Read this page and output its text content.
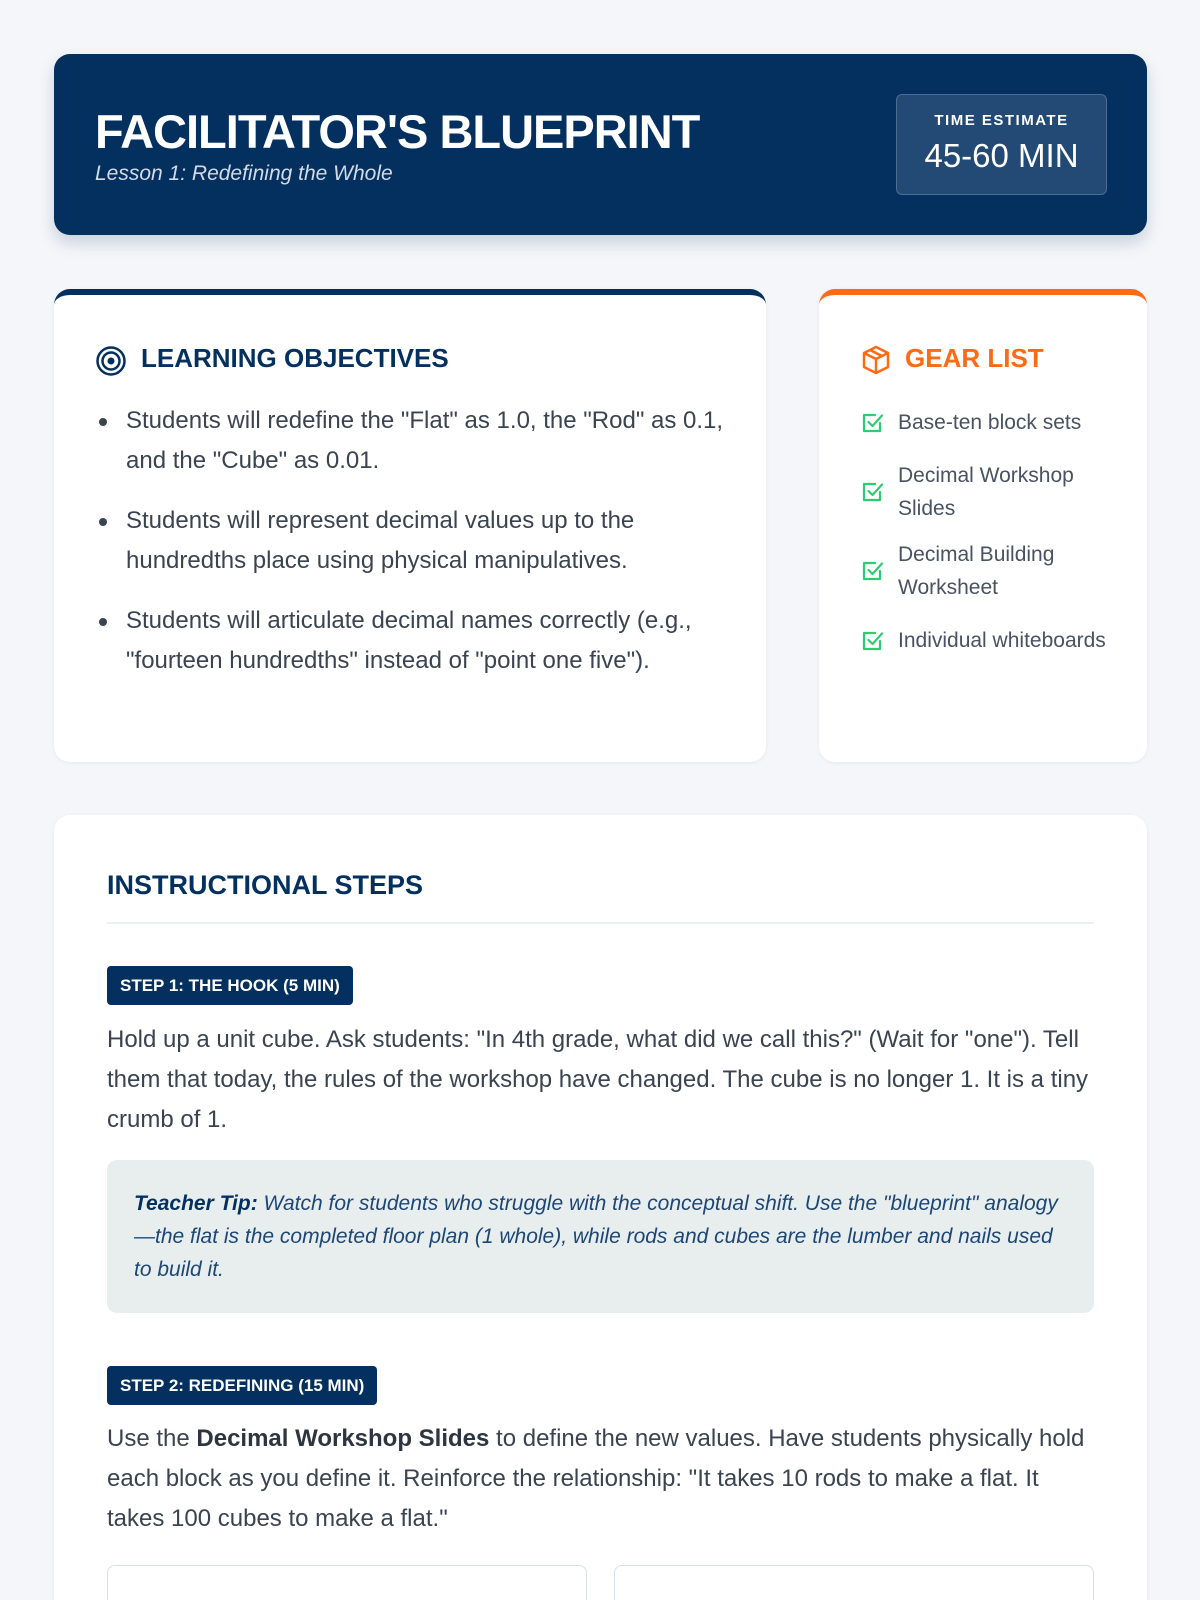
FACILITATOR'S BLUEPRINT
Lesson 1: Redefining the Whole
TIME ESTIMATE
45-60 MIN
LEARNING OBJECTIVES
Students will redefine the "Flat" as 1.0, the "Rod" as 0.1, and the "Cube" as 0.01.
Students will represent decimal values up to the hundredths place using physical manipulatives.
Students will articulate decimal names correctly (e.g., "fourteen hundredths" instead of "point one five").
GEAR LIST
Base-ten block sets
Decimal Workshop Slides
Decimal Building Worksheet
Individual whiteboards
INSTRUCTIONAL STEPS
STEP 1: THE HOOK (5 MIN)
Hold up a unit cube. Ask students: "In 4th grade, what did we call this?" (Wait for "one"). Tell them that today, the rules of the workshop have changed. The cube is no longer 1. It is a tiny crumb of 1.
Teacher Tip: Watch for students who struggle with the conceptual shift. Use the "blueprint" analogy—the flat is the completed floor plan (1 whole), while rods and cubes are the lumber and nails used to build it.
STEP 2: REDEFINING (15 MIN)
Use the Decimal Workshop Slides to define the new values. Have students physically hold each block as you define it. Reinforce the relationship: "It takes 10 rods to make a flat. It takes 100 cubes to make a flat."
